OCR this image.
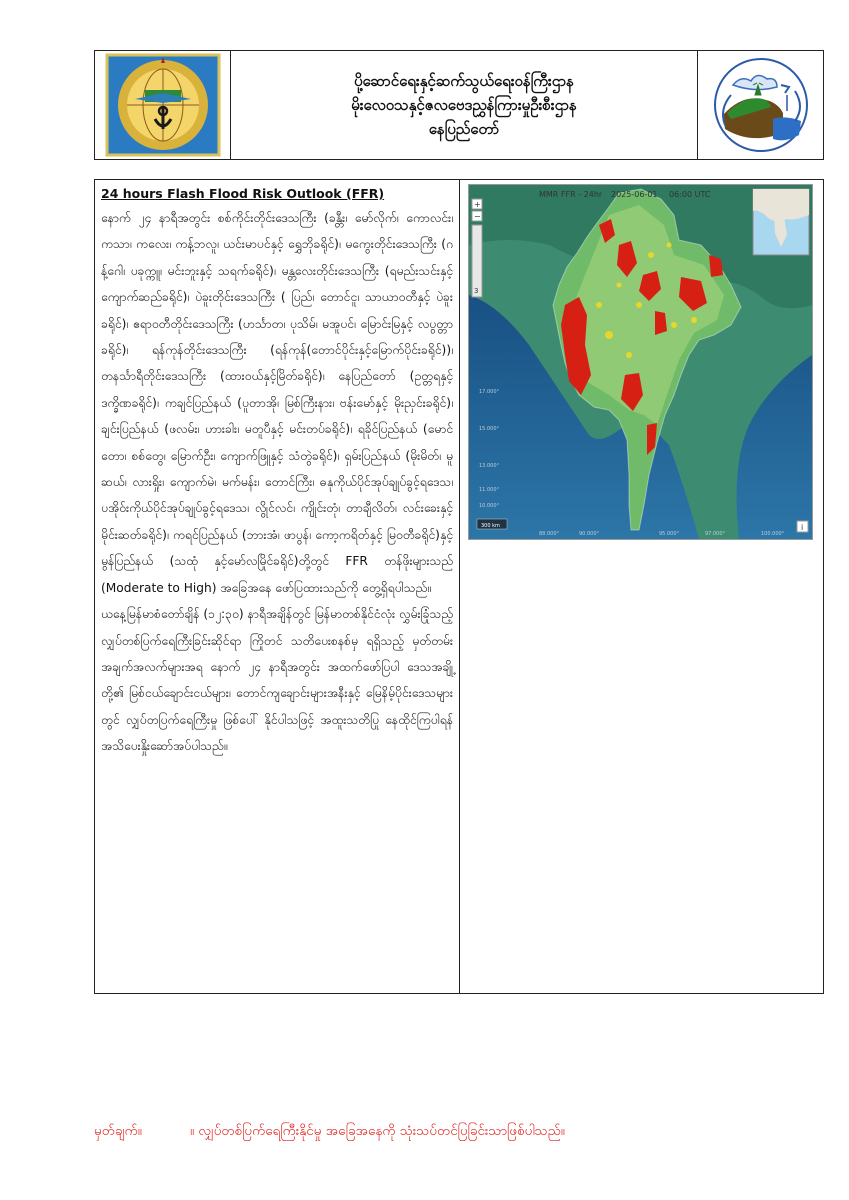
ပို့ဆောင်ရေးနှင့်ဆက်သွယ်ရေးဝန်ကြီးဌာန
မိုးလေဝသနှင့်ဇလဗေဒညွှန်ကြားမှုဦးစီးဌာန
နေပြည်တော်
24 hours Flash Flood Risk Outlook (FFR)

နောက် ၂၄ နာရီအတွင်း စစ်ကိုင်းတိုင်းဒေသကြီး (ခန္တီး၊ မော်လိုက်၊ ကောလင်း၊ ကသာ၊ ကလေး၊ ကန့်ဘလူ၊ ယင်းမာပင်နှင့် ရွှေဘိုခရိုင်)၊ မကွေးတိုင်းဒေသကြီး (ဂန့်ဂေါ၊ ပခုက္ကူ၊ မင်းဘူးနှင့် သရက်ခရိုင်)၊ မန္တလေးတိုင်းဒေသကြီး (ရမည်းသင်းနှင့် ကျောက်ဆည်ခရိုင်)၊ ပဲခူးတိုင်းဒေသကြီး ( ပြည်၊ တောင်ငူ၊ သာယာဝတီနှင့် ပဲခူးခရိုင်)၊ ဧရာဝတီတိုင်းဒေသကြီး (ဟင်္သာတ၊ ပုသိမ်၊ မအူပင်၊ မြောင်းမြနှင့် လပွတ္တာခရိုင်)၊ ရန်ကုန်တိုင်းဒေသကြီး (ရန်ကုန်(တောင်ပိုင်းနှင့်မြောက်ပိုင်းခရိုင်))၊ တနင်္သာရီတိုင်းဒေသကြီး (ထားဝယ်နှင့်မြိတ်ခရိုင်)၊ နေပြည်တော် (ဥတ္တရနှင့် ဒက္ခိဏခရိုင်)၊ ကချင်ပြည်နယ် (ပူတာအို၊ မြစ်ကြီးနား၊ ဗန်းမော်နှင့် မိုးညှင်းခရိုင်)၊ ချင်းပြည်နယ် (ဖလမ်း၊ ဟားခါး၊ မတူပီနှင့် မင်းတပ်ခရိုင်)၊ ရခိုင်ပြည်နယ် (မောင်တော၊ စစ်တွေ၊ မြောက်ဦး၊ ကျောက်ဖြူနှင့် သံတွဲခရိုင်)၊ ရှမ်းပြည်နယ် (မိုးမိတ်၊ မူဆယ်၊ လားရှိုး၊ ကျောက်မဲ၊ မက်မန်း၊ တောင်ကြီး၊ ဓနုကိုယ်ပိုင်အုပ်ချုပ်ခွင့်ရဒေသ၊ ပအိုဝ်းကိုယ်ပိုင်အုပ်ချုပ်ခွင့်ရဒေသ၊ လွိုင်လင်၊ ကျိုင်းတုံ၊ တာချီလိတ်၊ လင်းခေးနှင့် မိုင်းဆတ်ခရိုင်)၊ ကရင်ပြည်နယ် (ဘားအံ၊ ဖာပွန်၊ ကော့ကရိတ်နှင့် မြဝတီခရိုင်)နှင့် မွန်ပြည်နယ် (သထုံ နှင့်မော်လမြိုင်ခရိုင်)တို့တွင် FFR တန်ဖိုးများသည် (Moderate to High) အခြေအနေ ဖော်ပြထားသည်ကို တွေ့ရှိရပါသည်။

ယနေ့မြန်မာစံတော်ချိန် (၁၂:၃၀) နာရီအချိန်တွင် မြန်မာတစ်နိုင်ငံလုံး လွှမ်းခြုံသည့် လျှပ်တစ်ပြက်ရေကြီးခြင်းဆိုင်ရာ ကြိုတင် သတိပေးစနစ်မှ ရရှိသည့် မှတ်တမ်းအချက်အလက်များအရ နောက် ၂၄ နာရီအတွင်း အထက်ဖော်ပြပါ ဒေသအချို့တို့၏ မြစ်ငယ်ချောင်းငယ်များ၊ တောင်ကျချောင်းများအနီးနှင့် မြေနိမ့်ပိုင်းဒေသများတွင် လျှပ်တပြက်ရေကြီးမှု ဖြစ်ပေါ် နိုင်ပါသဖြင့် အထူးသတိပြု နေထိုင်ကြပါရန် အသိပေးနှိုးဆော်အပ်ပါသည်။

MMR FFR - 24hr 2025-06-01 06:00 UTC
+
−
3
17.000°
15.000°
13.000°
11.000°
10.000°
88.000°	90.000°	95.000°	97.000°	100.000°
300 km	i
မှတ်ချက်။	။ လျှပ်တစ်ပြက်ရေကြီးနိုင်မှု အခြေအနေကို သုံးသပ်တင်ပြခြင်းသာဖြစ်ပါသည်။
